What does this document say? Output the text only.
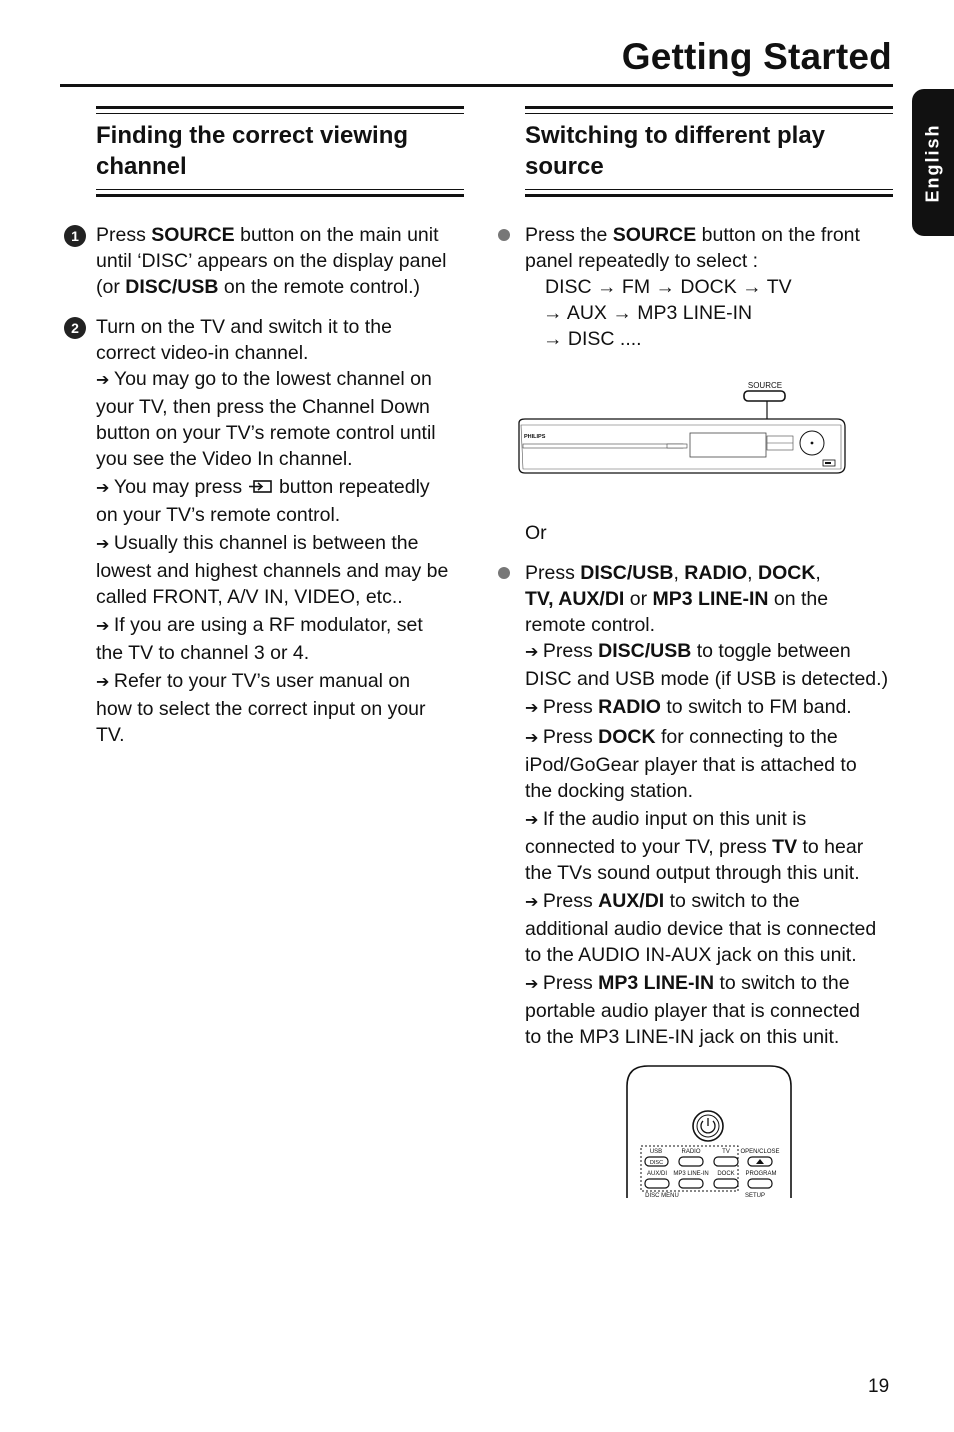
Getting Started
English
Finding the correct viewing
channel
1 Press SOURCE button on the main unit
until ‘DISC’ appears on the display panel
(or DISC/USB on the remote control.)
2 Turn on the TV and switch it to the
correct video-in channel.
➔ You may go to the lowest channel on
your TV, then press the Channel Down
button on your TV’s remote control until
you see the Video In channel.
➔ You may press  button repeatedly
on your TV’s remote control.
➔ Usually this channel is between the
lowest and highest channels and may be
called FRONT, A/V IN, VIDEO, etc..
➔ If you are using a RF modulator, set
the TV to channel 3 or 4.
➔ Refer to your TV’s user manual on
how to select the correct input on your
TV.
Switching to different play
source
Press the SOURCE button on the front
panel repeatedly to select :
DISC → FM → DOCK → TV
→ AUX → MP3 LINE-IN
→ DISC ....
SOURCE
PHILIPS
Or
Press DISC/USB, RADIO, DOCK,
TV, AUX/DI or MP3 LINE-IN on the
remote control.
➔ Press DISC/USB to toggle between
DISC and USB mode (if USB is detected.)
➔ Press RADIO to switch to FM band.
➔ Press DOCK for connecting to the
iPod/GoGear player that is attached to
the docking station.
➔ If the audio input on this unit is
connected to your TV, press TV to hear
the TVs sound output through this unit.
➔ Press AUX/DI to switch to the
additional audio device that is connected
to the AUDIO IN-AUX jack on this unit.
➔ Press MP3 LINE-IN to switch to the
portable audio player that is connected
to the MP3 LINE-IN jack on this unit.
USB	RADIO	TV OPEN/CLOSE
AUX/DI MP3 LINE-IN DOCK PROGRAM
DISC MENU	SETUP
DISC
19
